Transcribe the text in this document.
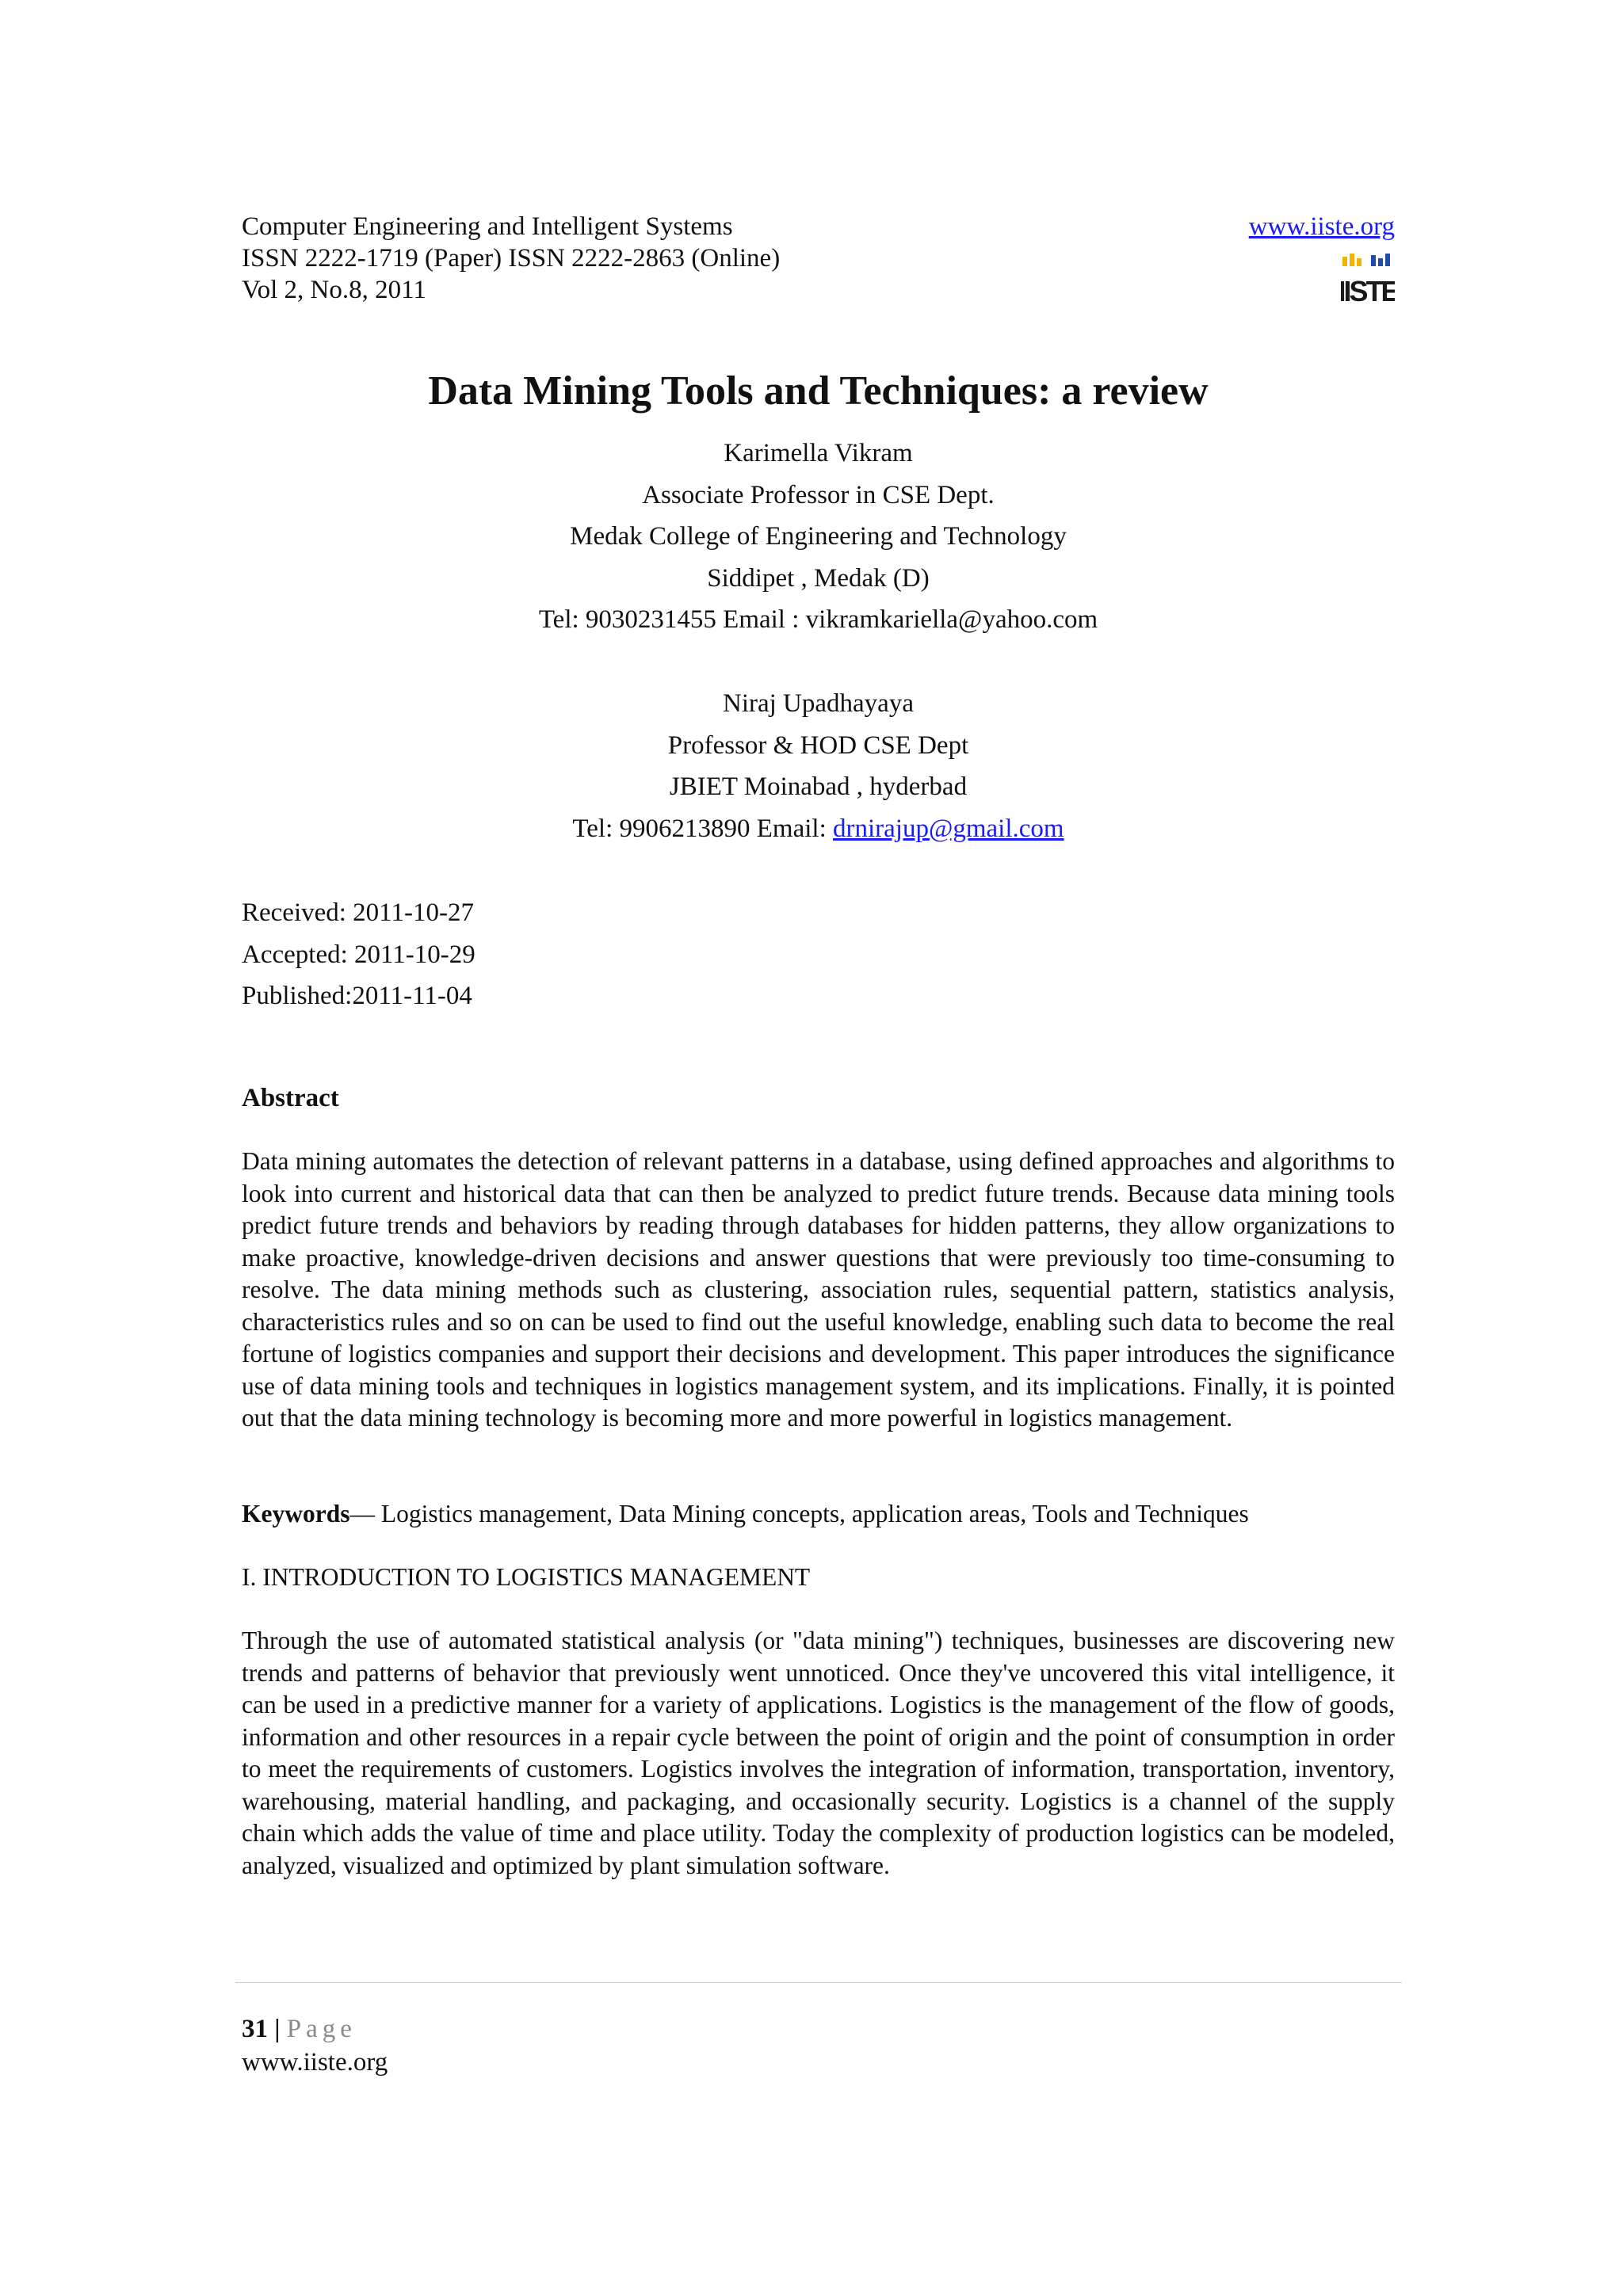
Computer Engineering and Intelligent Systems
ISSN 2222-1719 (Paper) ISSN 2222-2863 (Online)
Vol 2, No.8, 2011
www.iiste.org
IISTE
Data Mining Tools and Techniques: a review
Karimella Vikram
Associate Professor in CSE Dept.
Medak College of Engineering and Technology
Siddipet , Medak (D)
Tel: 9030231455 Email : vikramkariella@yahoo.com
Niraj Upadhayaya
Professor & HOD CSE Dept
JBIET Moinabad , hyderbad
Tel: 9906213890 Email: drnirajup@gmail.com
Received: 2011-10-27
Accepted: 2011-10-29
Published:2011-11-04
Abstract
Data mining automates the detection of relevant patterns in a database, using defined approaches and algorithms to look into current and historical data that can then be analyzed to predict future trends. Because data mining tools predict future trends and behaviors by reading through databases for hidden patterns, they allow organizations to make proactive, knowledge-driven decisions and answer questions that were previously too time-consuming to resolve. The data mining methods such as clustering, association rules, sequential pattern, statistics analysis, characteristics rules and so on can be used to find out the useful knowledge, enabling such data to become the real fortune of logistics companies and support their decisions and development. This paper introduces the significance use of data mining tools and techniques in logistics management system, and its implications. Finally, it is pointed out that the data mining technology is becoming more and more powerful in logistics management.
Keywords— Logistics management, Data Mining concepts, application areas, Tools and Techniques
I. INTRODUCTION TO LOGISTICS MANAGEMENT
Through the use of automated statistical analysis (or "data mining") techniques, businesses are discovering new trends and patterns of behavior that previously went unnoticed. Once they've uncovered this vital intelligence, it can be used in a predictive manner for a variety of applications. Logistics is the management of the flow of goods, information and other resources in a repair cycle between the point of origin and the point of consumption in order to meet the requirements of customers. Logistics involves the integration of information, transportation, inventory, warehousing, material handling, and packaging, and occasionally security. Logistics is a channel of the supply chain which adds the value of time and place utility. Today the complexity of production logistics can be modeled, analyzed, visualized and optimized by plant simulation software.
31 | Page
www.iiste.org
